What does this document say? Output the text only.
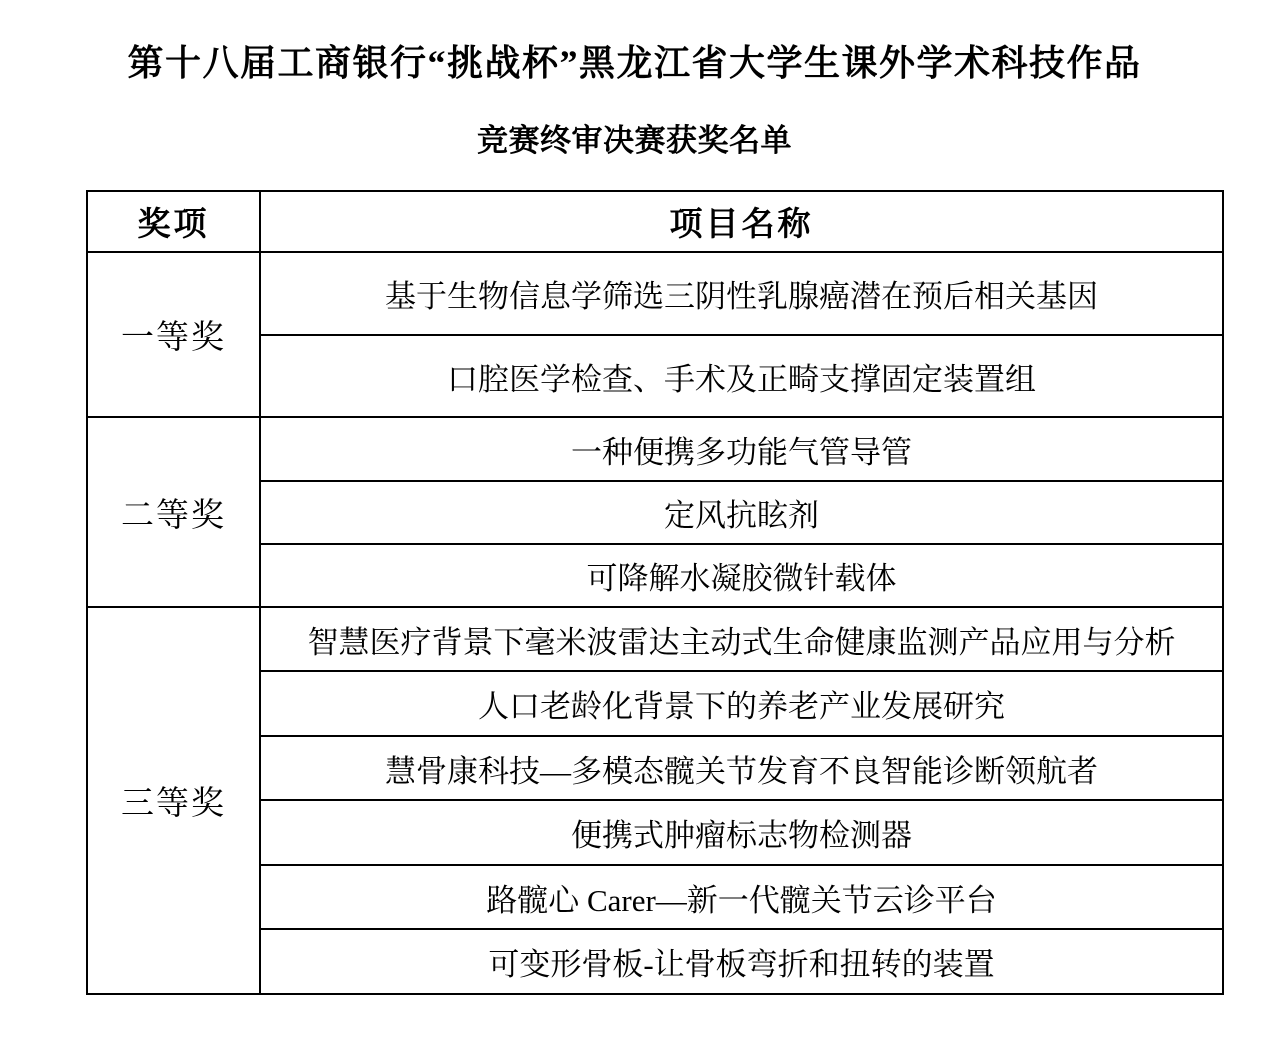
第十八届工商银行“挑战杯”黑龙江省大学生课外学术科技作品
竞赛终审决赛获奖名单
奖项	项目名称
一等奖	基于生物信息学筛选三阴性乳腺癌潜在预后相关基因
	口腔医学检查、手术及正畸支撑固定装置组
二等奖	一种便携多功能气管导管
	定风抗眩剂
	可降解水凝胶微针载体
三等奖	智慧医疗背景下毫米波雷达主动式生命健康监测产品应用与分析
	人口老龄化背景下的养老产业发展研究
	慧骨康科技—多模态髋关节发育不良智能诊断领航者
	便携式肿瘤标志物检测器
	路髋心 Carer—新一代髋关节云诊平台
	可变形骨板-让骨板弯折和扭转的装置
